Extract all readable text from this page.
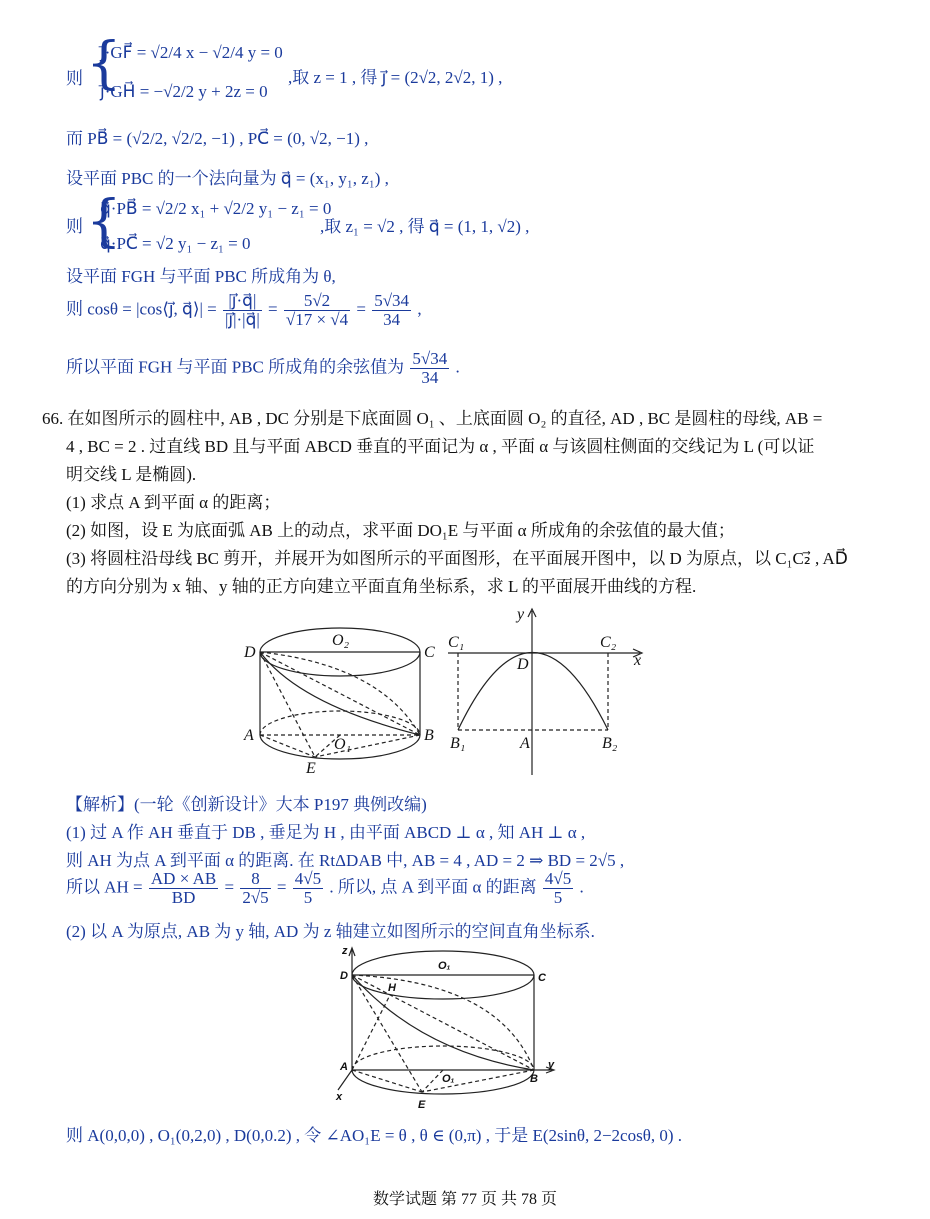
{
则
j⃗·GF⃗ = √2/4 x − √2/4 y = 0
j⃗·GH⃗ = −√2/2 y + 2z = 0
,取 z = 1 , 得 j⃗ = (2√2, 2√2, 1) ,
而 PB⃗ = (√2/2, √2/2, −1) , PC⃗ = (0, √2, −1) ,
设平面 PBC 的一个法向量为 q⃗ = (x₁, y₁, z₁) ,
{
则
q⃗·PB⃗ = √2/2 x₁ + √2/2 y₁ − z₁ = 0
q⃗·PC⃗ = √2 y₁ − z₁ = 0
,取 z₁ = √2 , 得 q⃗ = (1, 1, √2) ,
设平面 FGH 与平面 PBC 所成角为 θ,
则 cosθ = |cos⟨j⃗, q⃗⟩| = $\frac{|j⃗\cdot q⃗|}{|j⃗|\cdot|q⃗|} = \frac{5√2}{√17 \times √4} = \frac{5√34}{34}$ ,
所以平面 FGH 与平面 PBC 所成角的余弦值为 $\frac{5√34}{34}$ .
66. 在如图所示的圆柱中, AB , DC 分别是下底面圆 O₁ 、上底面圆 O₂ 的直径, AD , BC 是圆柱的母线, AB =
4 , BC = 2 . 过直线 BD 且与平面 ABCD 垂直的平面记为 α , 平面 α 与该圆柱侧面的交线记为 L (可以证
明交线 L 是椭圆).
(1) 求点 A 到平面 α 的距离；
(2) 如图，设 E 为底面弧 AB 上的动点，求平面 DO₁E 与平面 α 所成角的余弦值的最大值；
(3) 将圆柱沿母线 BC 剪开，并展开为如图所示的平面图形，在平面展开图中，以 D 为原点，以 C₁C₂⃗ , AD⃗
的方向分别为 x 轴、y 轴的正方向建立平面直角坐标系，求 L 的平面展开曲线的方程.
D
O₂
C
A
O₁
B
E
y
x
C₁	C₂
D
B₁	A	B₂
【解析】(一轮《创新设计》大本 P197 典例改编)
(1) 过 A 作 AH 垂直于 DB , 垂足为 H , 由平面 ABCD ⊥ α , 知 AH ⊥ α ,
则 AH 为点 A 到平面 α 的距离. 在 RtΔDAB 中, AB = 4 , AD = 2 ⇒ BD = 2√5 ,
所以 AH = $\frac{AD \times AB}{BD} = \frac{8}{2√5} = \frac{4√5}{5}$ . 所以, 点 A 到平面 α 的距离 $\frac{4√5}{5}$ .
(2) 以 A 为原点, AB 为 y 轴, AD 为 z 轴建立如图所示的空间直角坐标系.
z
D
O₁
C
H
A
O₁	B
y
x
E
则 A(0,0,0) , O₁(0,2,0) , D(0,0.2) , 令 ∠AO₁E = θ , θ ∈ (0,π) , 于是 E(2sinθ, 2−2cosθ, 0) .
数学试题 第 77 页 共 78 页
